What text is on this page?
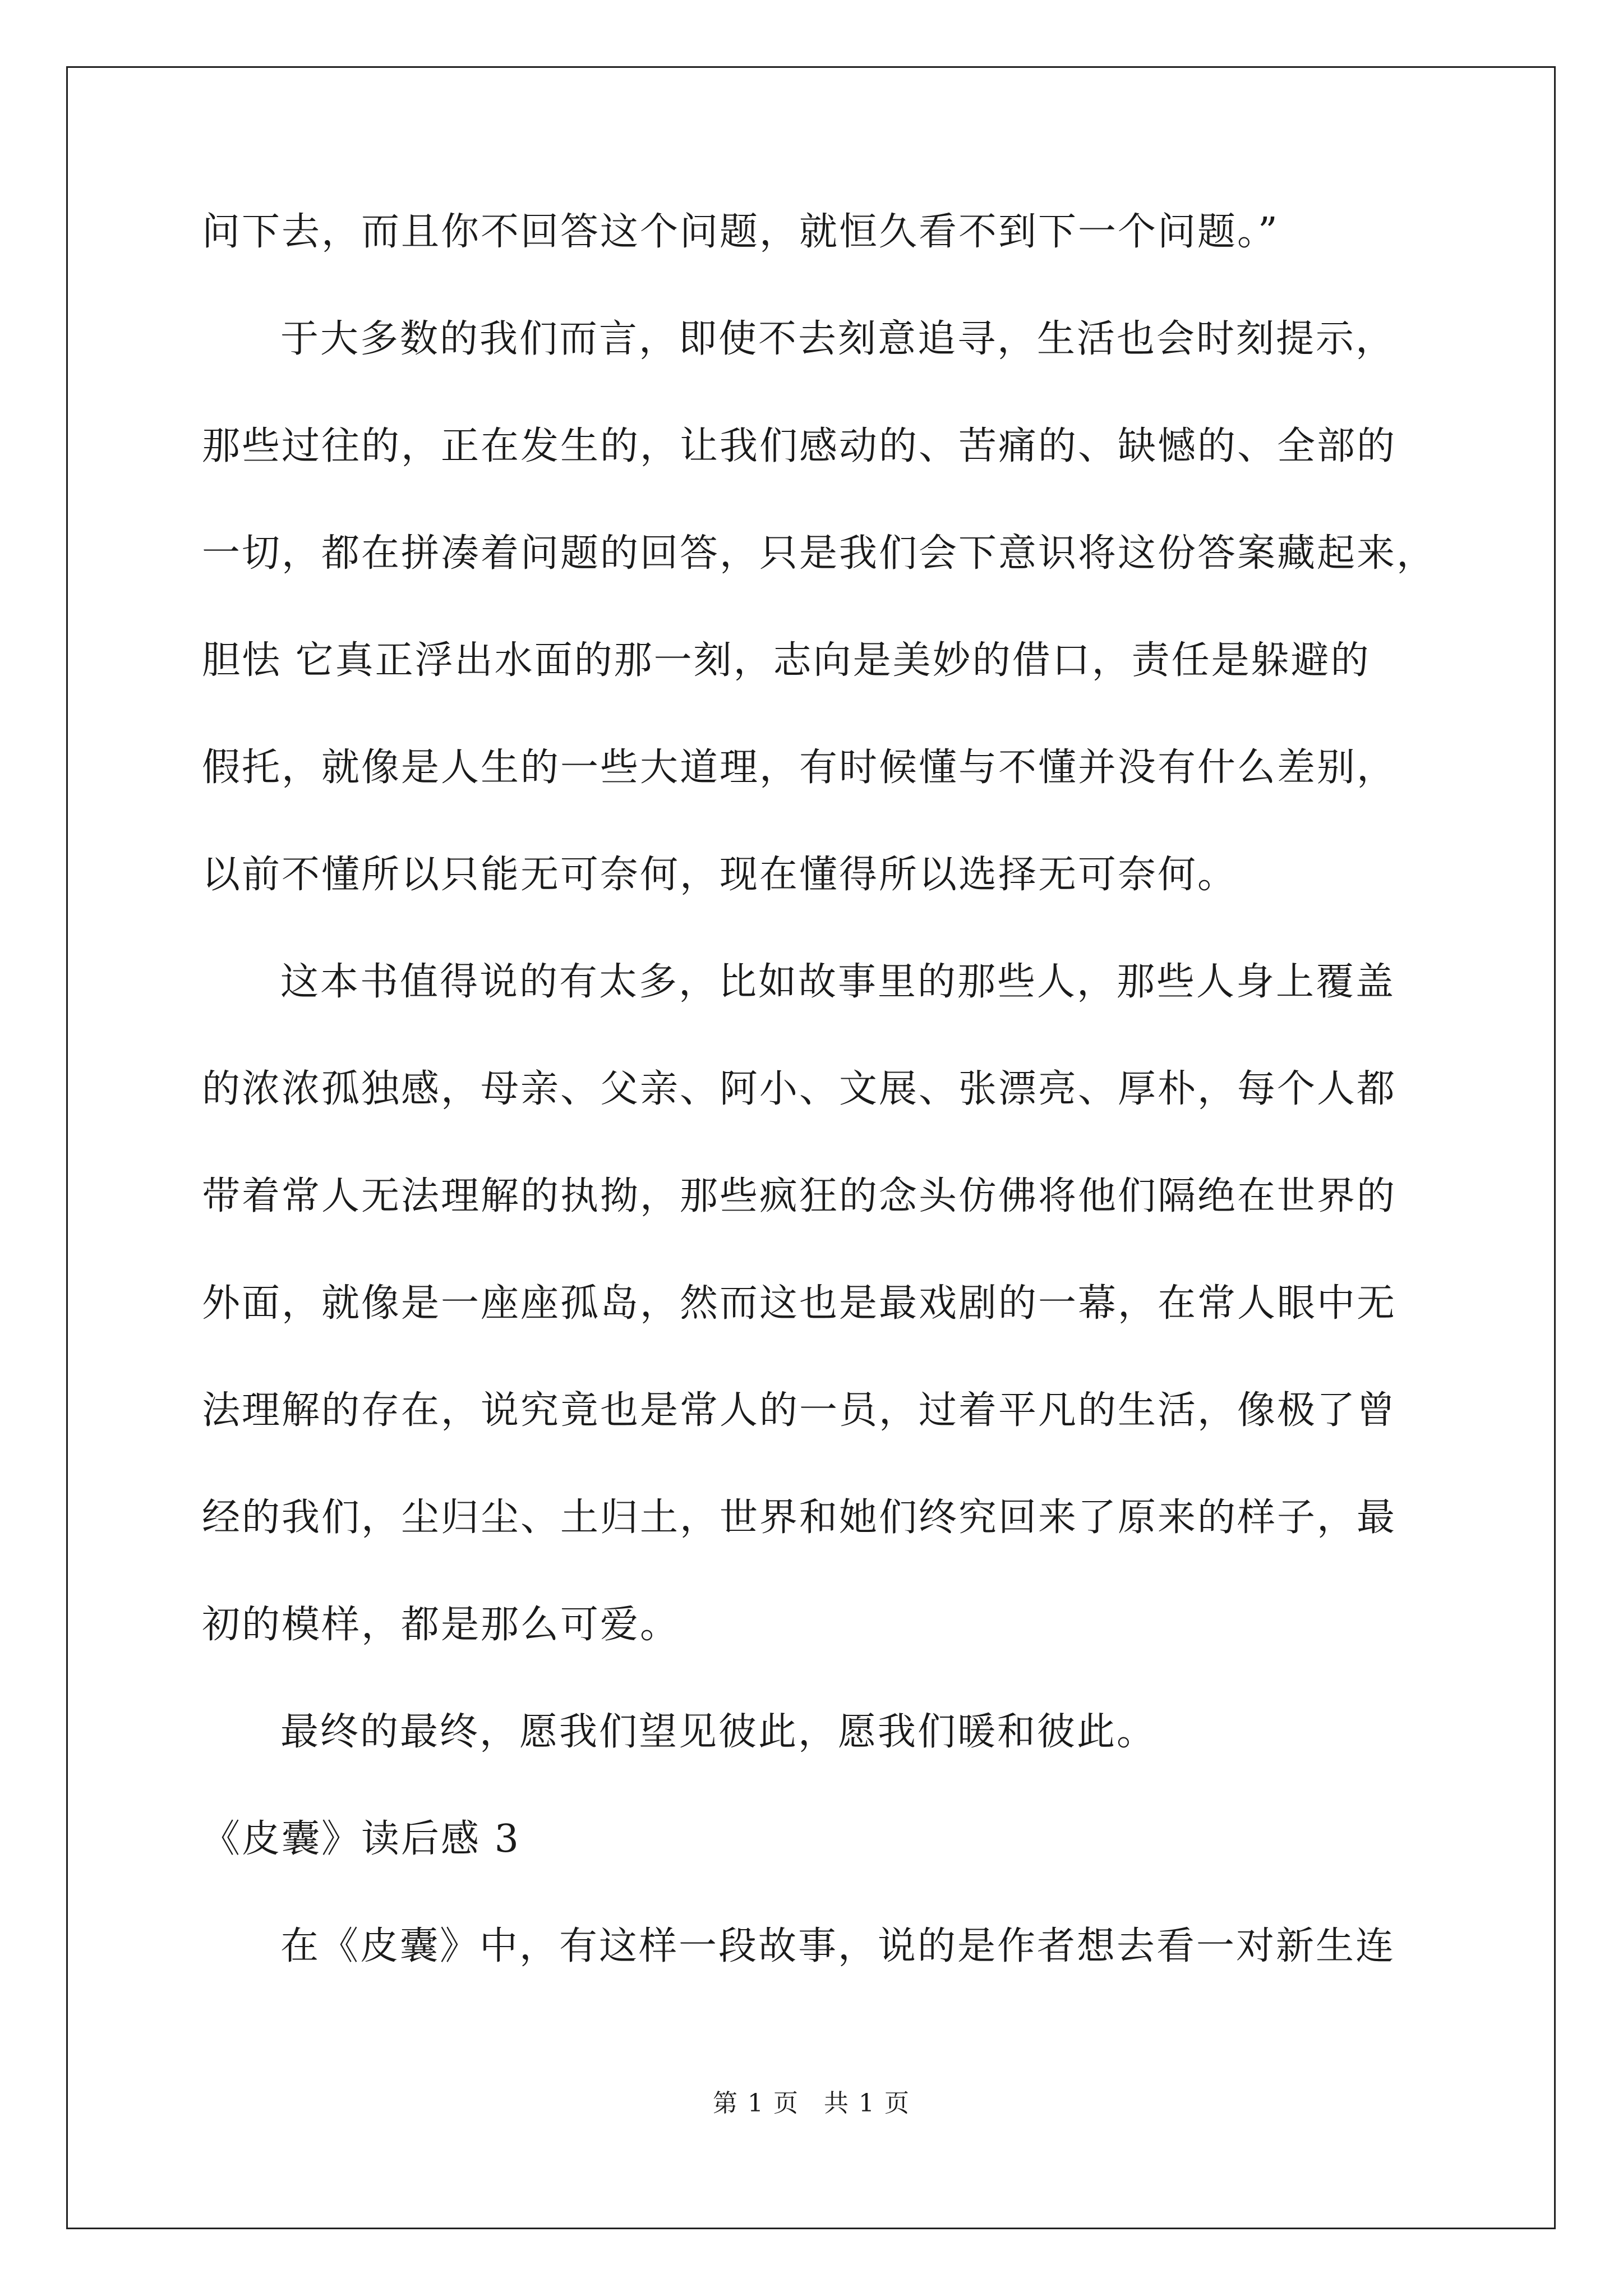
问下去，而且你不回答这个问题，就恒久看不到下一个问题。”
于大多数的我们而言，即使不去刻意追寻，生活也会时刻提示，
那些过往的，正在发生的，让我们感动的、苦痛的、缺憾的、全部的
一切，都在拼凑着问题的回答，只是我们会下意识将这份答案藏起来，
胆怯 它真正浮出水面的那一刻，志向是美妙的借口，责任是躲避的
假托，就像是人生的一些大道理，有时候懂与不懂并没有什么差别，
以前不懂所以只能无可奈何，现在懂得所以选择无可奈何。
这本书值得说的有太多，比如故事里的那些人，那些人身上覆盖
的浓浓孤独感，母亲、父亲、阿小、文展、张漂亮、厚朴，每个人都
带着常人无法理解的执拗，那些疯狂的念头仿佛将他们隔绝在世界的
外面，就像是一座座孤岛，然而这也是最戏剧的一幕，在常人眼中无
法理解的存在，说究竟也是常人的一员，过着平凡的生活，像极了曾
经的我们，尘归尘、土归土，世界和她们终究回来了原来的样子，最
初的模样，都是那么可爱。
最终的最终，愿我们望见彼此，愿我们暖和彼此。
《皮囊》读后感 3
在《皮囊》中，有这样一段故事，说的是作者想去看一对新生连
第 1 页 共 1 页
